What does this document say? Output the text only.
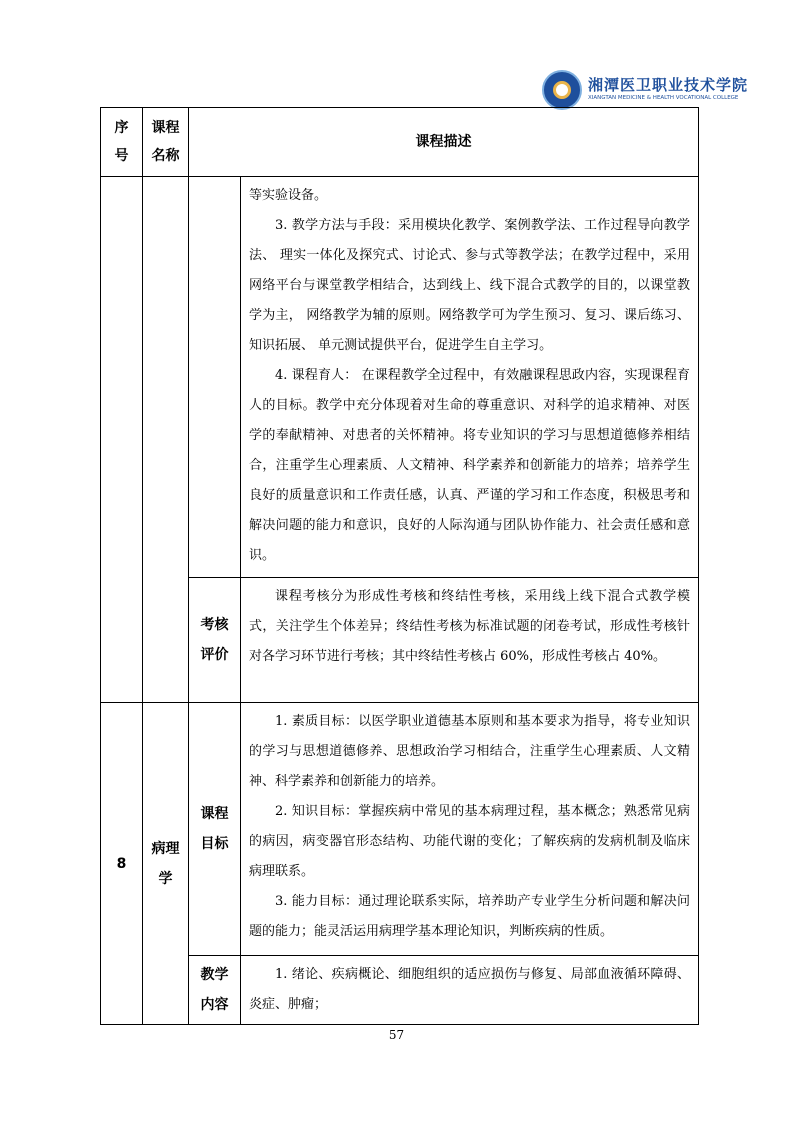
湘潭医卫职业技术学院
XIANGTAN MEDICINE & HEALTH VOCATIONAL COLLEGE
序号	课程名称	课程描述	

			等实验设备。

3. 教学方法与手段：采用模块化教学、案例教学法、工作过程导向教学法、 理实一体化及探究式、讨论式、参与式等教学法；在教学过程中，采用网络平台与课堂教学相结合，达到线上、线下混合式教学的目的，以课堂教学为主， 网络教学为辅的原则。网络教学可为学生预习、复习、课后练习、知识拓展、 单元测试提供平台，促进学生自主学习。

4. 课程育人： 在课程教学全过程中，有效融课程思政内容，实现课程育人的目标。教学中充分体现着对生命的尊重意识、对科学的追求精神、对医学的奉献精神、对患者的关怀精神。将专业知识的学习与思想道德修养相结合，注重学生心理素质、人文精神、科学素养和创新能力的培养；培养学生良好的质量意识和工作责任感，认真、严谨的学习和工作态度，积极思考和解决问题的能力和意识，良好的人际沟通与团队协作能力、社会责任感和意识。

		考核评价	课程考核分为形成性考核和终结性考核，采用线上线下混合式教学模式，关注学生个体差异；终结性考核为标准试题的闭卷考试，形成性考核针对各学习环节进行考核；其中终结性考核占 60%，形成性考核占 40%。

8	病理学	课程目标	1. 素质目标：以医学职业道德基本原则和基本要求为指导，将专业知识的学习与思想道德修养、思想政治学习相结合，注重学生心理素质、人文精神、科学素养和创新能力的培养。

2. 知识目标：掌握疾病中常见的基本病理过程，基本概念；熟悉常见病的病因，病变器官形态结构、功能代谢的变化；了解疾病的发病机制及临床病理联系。

3. 能力目标：通过理论联系实际，培养助产专业学生分析问题和解决问题的能力；能灵活运用病理学基本理论知识，判断疾病的性质。

		教学内容	1. 绪论、疾病概论、细胞组织的适应损伤与修复、局部血液循环障碍、 炎症、肿瘤；

57
